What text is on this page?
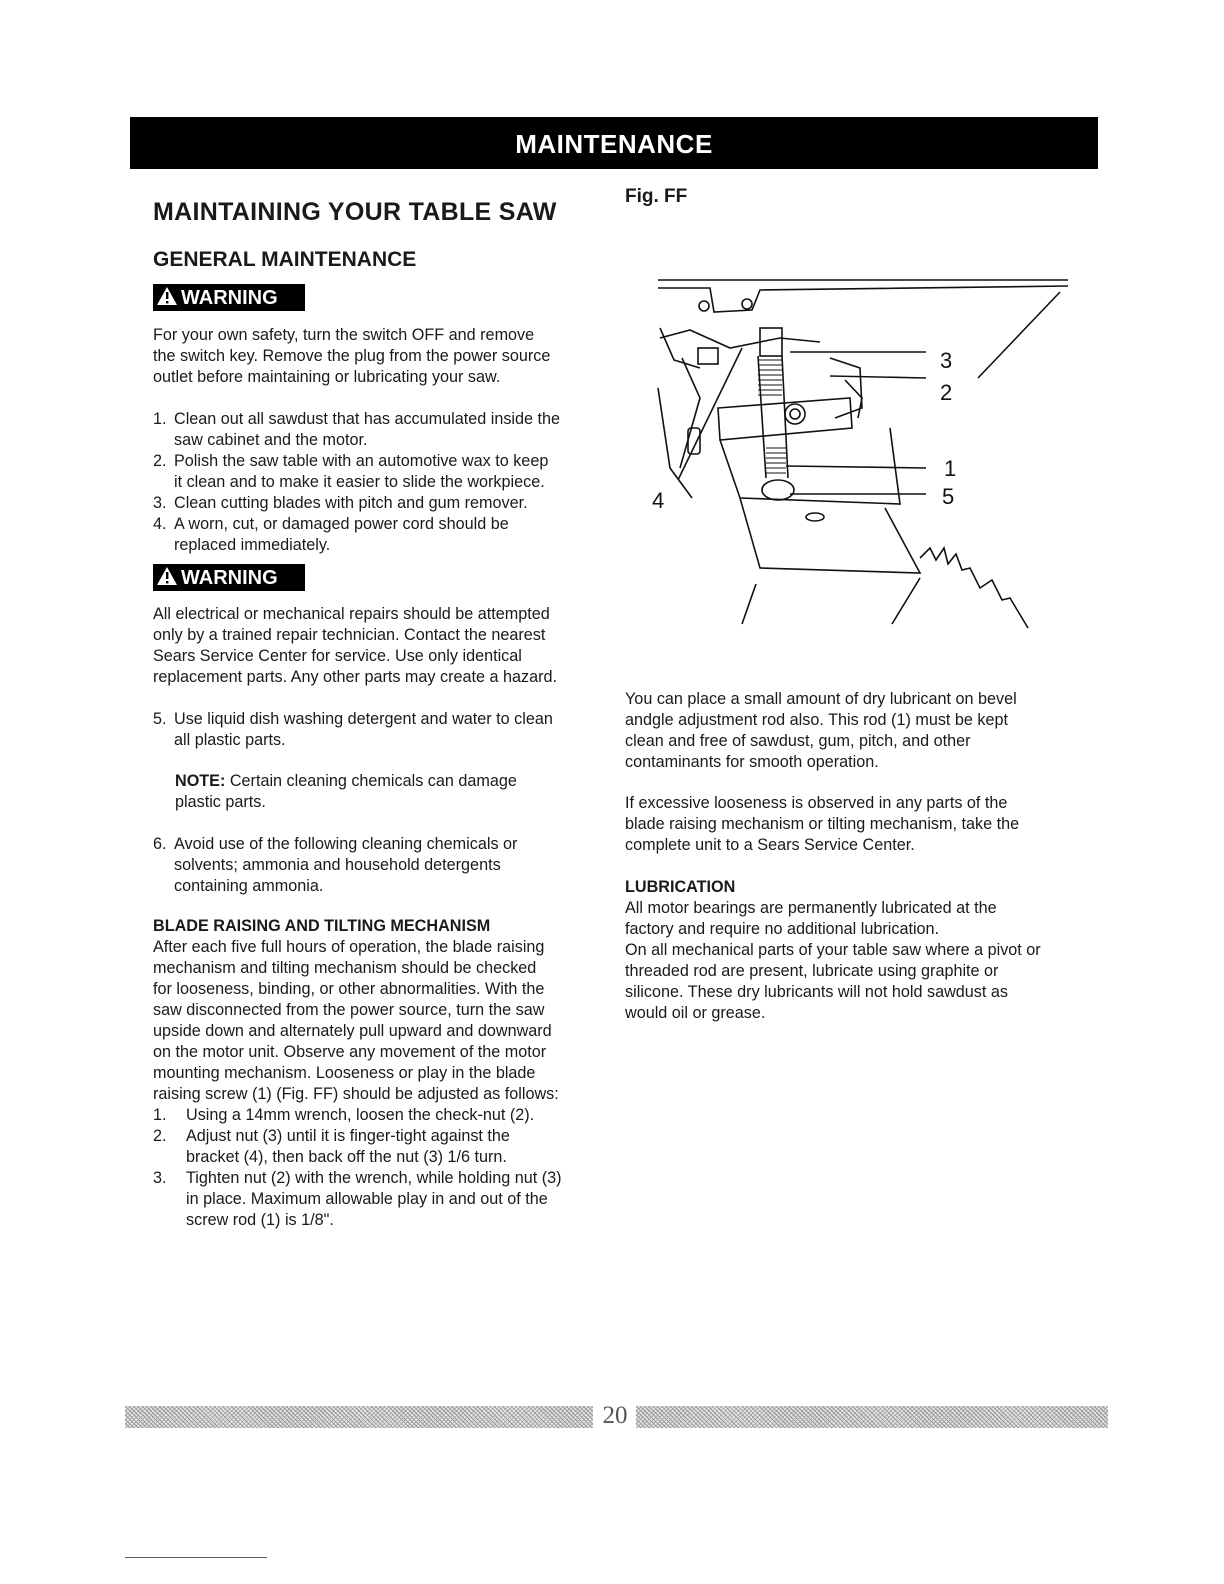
MAINTENANCE
MAINTAINING YOUR TABLE SAW
GENERAL MAINTENANCE
Fig. FF
WARNING
For your own safety, turn the switch OFF and remove
the switch key. Remove the plug from the power source
outlet before maintaining or lubricating your saw.
1. Clean out all sawdust that has accumulated inside the
saw cabinet and the motor.
2. Polish the saw table with an automotive wax to keep
it clean and to make it easier to slide the workpiece.
3. Clean cutting blades with pitch and gum remover.
4. A worn, cut, or damaged power cord should be
replaced immediately.
WARNING
All electrical or mechanical repairs should be attempted
only by a trained repair technician. Contact the nearest
Sears Service Center for service. Use only identical
replacement parts. Any other parts may create a hazard.
5. Use liquid dish washing detergent and water to clean
all plastic parts.
NOTE: Certain cleaning chemicals can damage
plastic parts.
6. Avoid use of the following cleaning chemicals or
solvents; ammonia and household detergents
containing ammonia.
BLADE RAISING AND TILTING MECHANISM
After each five full hours of operation, the blade raising
mechanism and tilting mechanism should be checked
for looseness, binding, or other abnormalities. With the
saw disconnected from the power source, turn the saw
upside down and alternately pull upward and downward
on the motor unit. Observe any movement of the motor
mounting mechanism. Looseness or play in the blade
raising screw (1) (Fig. FF) should be adjusted as follows:
1.	Using a 14mm wrench, loosen the check-nut (2).
2.	Adjust nut (3) until it is finger-tight against the
bracket (4), then back off the nut (3) 1/6 turn.
3.	Tighten nut (2) with the wrench, while holding nut (3)
in place. Maximum allowable play in and out of the
screw rod (1) is 1/8".
3
2
1
5
4
You can place a small amount of dry lubricant on bevel
andgle adjustment rod also. This rod (1) must be kept
clean and free of sawdust, gum, pitch, and other
contaminants for smooth operation.
If excessive looseness is observed in any parts of the
blade raising mechanism or tilting mechanism, take the
complete unit to a Sears Service Center.
LUBRICATION
All motor bearings are permanently lubricated at the
factory and require no additional lubrication.
On all mechanical parts of your table saw where a pivot or
threaded rod are present, lubricate using graphite or
silicone. These dry lubricants will not hold sawdust as
would oil or grease.
20
